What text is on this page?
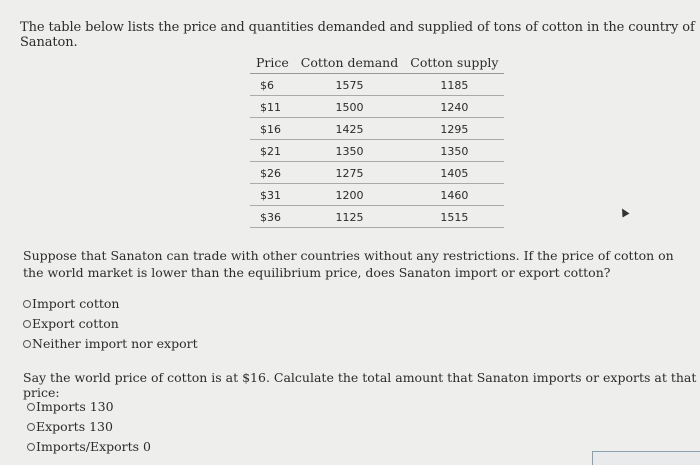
The table below lists the price and quantities demanded and supplied of tons of cotton in the country of Sanaton.
Price	Cotton demand	Cotton supply
$6	1575	1185
$11	1500	1240
$16	1425	1295
$21	1350	1350
$26	1275	1405
$31	1200	1460
$36	1125	1515
Suppose that Sanaton can trade with other countries without any restrictions. If the price of cotton on the world market is lower than the equilibrium price, does Sanaton import or export cotton?
Import cotton
Export cotton
Neither import nor export
Say the world price of cotton is at $16. Calculate the total amount that Sanaton imports or exports at that price:
Imports 130
Exports 130
Imports/Exports 0
